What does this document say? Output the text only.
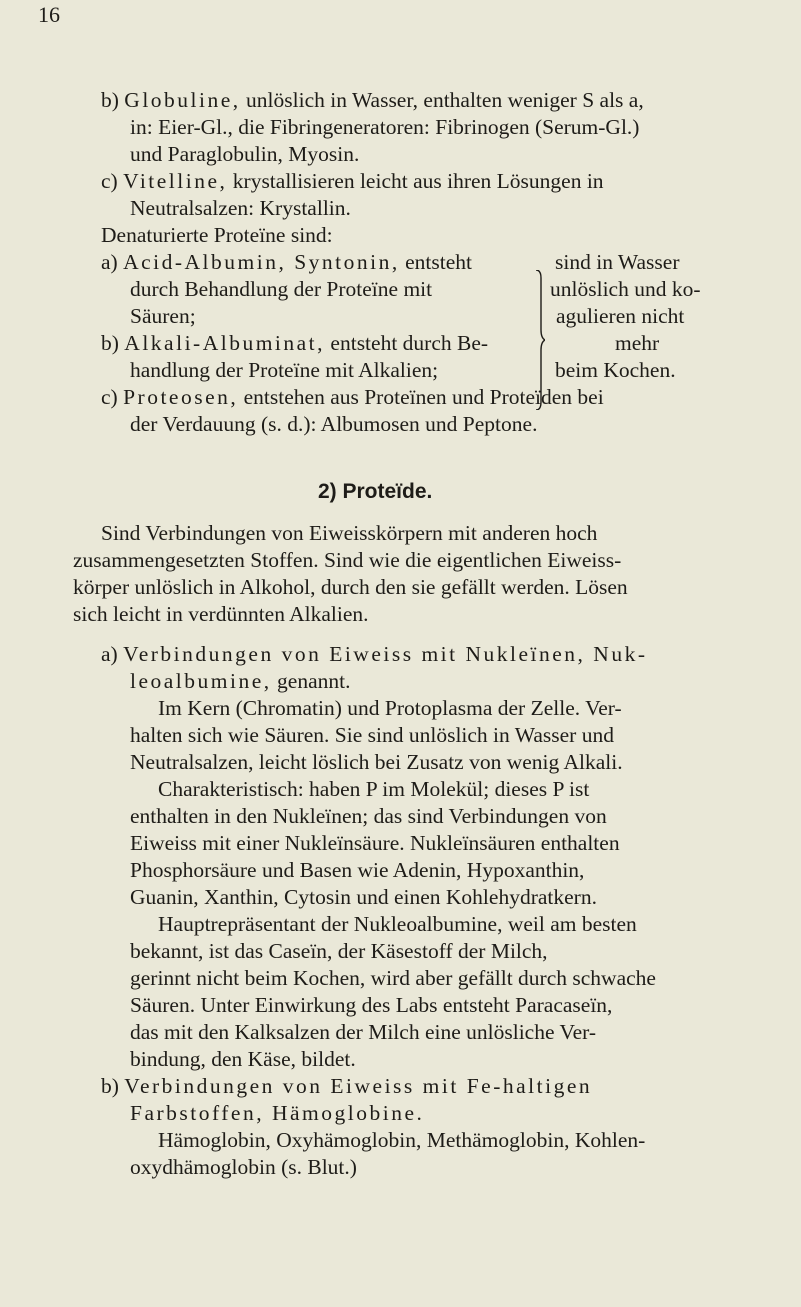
16
b) Globuline, unlöslich in Wasser, enthalten weniger S als a,
in: Eier-Gl., die Fibringeneratoren: Fibrinogen (Serum-Gl.)
und Paraglobulin, Myosin.
c) Vitelline, krystallisieren leicht aus ihren Lösungen in
Neutralsalzen: Krystallin.
Denaturierte Proteïne sind:
a) Acid-Albumin, Syntonin, entsteht
durch Behandlung der Proteïne mit
Säuren;
b) Alkali-Albuminat, entsteht durch Be-
handlung der Proteïne mit Alkalien;
sind in Wasser
unlöslich und ko-
agulieren nicht
mehr
beim Kochen.
c) Proteosen, entstehen aus Proteïnen und Proteïden bei
der Verdauung (s. d.): Albumosen und Peptone.
2) Proteïde.
Sind Verbindungen von Eiweisskörpern mit anderen hoch
zusammengesetzten Stoffen. Sind wie die eigentlichen Eiweiss-
körper unlöslich in Alkohol, durch den sie gefällt werden. Lösen
sich leicht in verdünnten Alkalien.
a) Verbindungen von Eiweiss mit Nukleïnen, Nuk-
leoalbumine, genannt.
Im Kern (Chromatin) und Protoplasma der Zelle. Ver-
halten sich wie Säuren. Sie sind unlöslich in Wasser und
Neutralsalzen, leicht löslich bei Zusatz von wenig Alkali.
Charakteristisch: haben P im Molekül; dieses P ist
enthalten in den Nukleïnen; das sind Verbindungen von
Eiweiss mit einer Nukleïnsäure. Nukleïnsäuren enthalten
Phosphorsäure und Basen wie Adenin, Hypoxanthin,
Guanin, Xanthin, Cytosin und einen Kohlehydratkern.
Hauptrepräsentant der Nukleoalbumine, weil am besten
bekannt, ist das Caseïn, der Käsestoff der Milch,
gerinnt nicht beim Kochen, wird aber gefällt durch schwache
Säuren. Unter Einwirkung des Labs entsteht Paracaseïn,
das mit den Kalksalzen der Milch eine unlösliche Ver-
bindung, den Käse, bildet.
b) Verbindungen von Eiweiss mit Fe-haltigen
Farbstoffen, Hämoglobine.
Hämoglobin, Oxyhämoglobin, Methämoglobin, Kohlen-
oxydhämoglobin (s. Blut.)
